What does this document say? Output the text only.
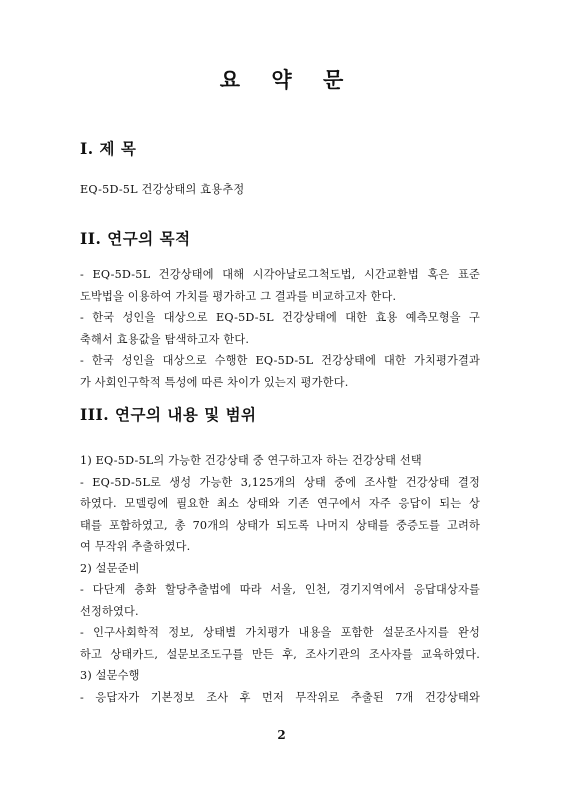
요 약 문
I. 제 목
EQ-5D-5L 건강상태의 효용추정
II. 연구의 목적
- EQ-5D-5L 건강상태에 대해 시각아날로그척도법, 시간교환법 혹은 표준
도박법을 이용하여 가치를 평가하고 그 결과를 비교하고자 한다.
- 한국 성인을 대상으로 EQ-5D-5L 건강상태에 대한 효용 예측모형을 구
축해서 효용값을 탐색하고자 한다.
- 한국 성인을 대상으로 수행한 EQ-5D-5L 건강상태에 대한 가치평가결과
가 사회인구학적 특성에 따른 차이가 있는지 평가한다.
III. 연구의 내용 및 범위
1) EQ-5D-5L의 가능한 건강상태 중 연구하고자 하는 건강상태 선택
- EQ-5D-5L로 생성 가능한 3,125개의 상태 중에 조사할 건강상태 결정
하였다. 모델링에 필요한 최소 상태와 기존 연구에서 자주 응답이 되는 상
태를 포함하였고, 총 70개의 상태가 되도록 나머지 상태를 중증도를 고려하
여 무작위 추출하였다.
2) 설문준비
- 다단계 층화 할당추출법에 따라 서울, 인천, 경기지역에서 응답대상자를
선정하였다.
- 인구사회학적 정보, 상태별 가치평가 내용을 포함한 설문조사지를 완성
하고 상태카드, 설문보조도구를 만든 후, 조사기관의 조사자를 교육하였다.
3) 설문수행
- 응답자가 기본정보 조사 후 먼저 무작위로 추출된 7개 건강상태와
2
